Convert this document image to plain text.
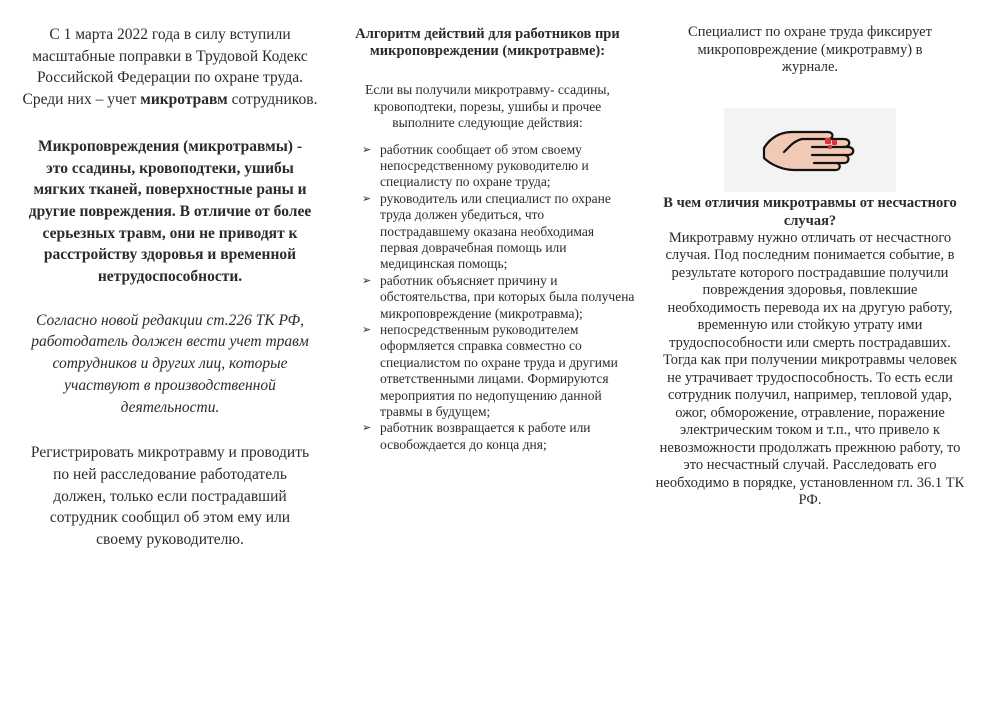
С 1 марта 2022 года в силу вступили масштабные поправки в Трудовой Кодекс Российской Федерации по охране труда. Среди них – учет микротравм сотрудников.

Микроповреждения (микротравмы) - это ссадины, кровоподтеки, ушибы мягких тканей, поверхностные раны и другие повреждения. В отличие от более серьезных травм, они не приводят к расстройству здоровья и временной нетрудоспособности.

Согласно новой редакции ст.226 ТК РФ, работодатель должен вести учет травм сотрудников и других лиц, которые участвуют в производственной деятельности.

Регистрировать микротравму и проводить по ней расследование работодатель должен, только если пострадавший сотрудник сообщил об этом ему или своему руководителю.

Алгоритм действий для работников при микроповреждении (микротравме):

Если вы получили микротравму- ссадины, кровоподтеки, порезы, ушибы и прочее выполните следующие действия:

➢ работник сообщает об этом своему непосредственному руководителю и специалисту по охране труда;
➢ руководитель или специалист по охране труда должен убедиться, что пострадавшему оказана необходимая первая доврачебная помощь или медицинская помощь;
➢ работник объясняет причину и обстоятельства, при которых была получена микроповреждение (микротравма);
➢ непосредственным руководителем оформляется справка совместно со специалистом по охране труда и другими ответственными лицами. Формируются мероприятия по недопущению данной травмы в будущем;
➢ работник возвращается к работе или освобождается до конца дня;

Специалист по охране труда фиксирует микроповреждение (микротравму) в журнале.

В чем отличия микротравмы от несчастного случая?

Микротравму нужно отличать от несчастного случая. Под последним понимается событие, в результате которого пострадавшие получили повреждения здоровья, повлекшие необходимость перевода их на другую работу, временную или стойкую утрату ими трудоспособности или смерть пострадавших.

Тогда как при получении микротравмы человек не утрачивает трудоспособность. То есть если сотрудник получил, например, тепловой удар, ожог, обморожение, отравление, поражение электрическим током и т.п., что привело к невозможности продолжать прежнюю работу, то это несчастный случай. Расследовать его необходимо в порядке, установленном гл. 36.1 ТК РФ.
